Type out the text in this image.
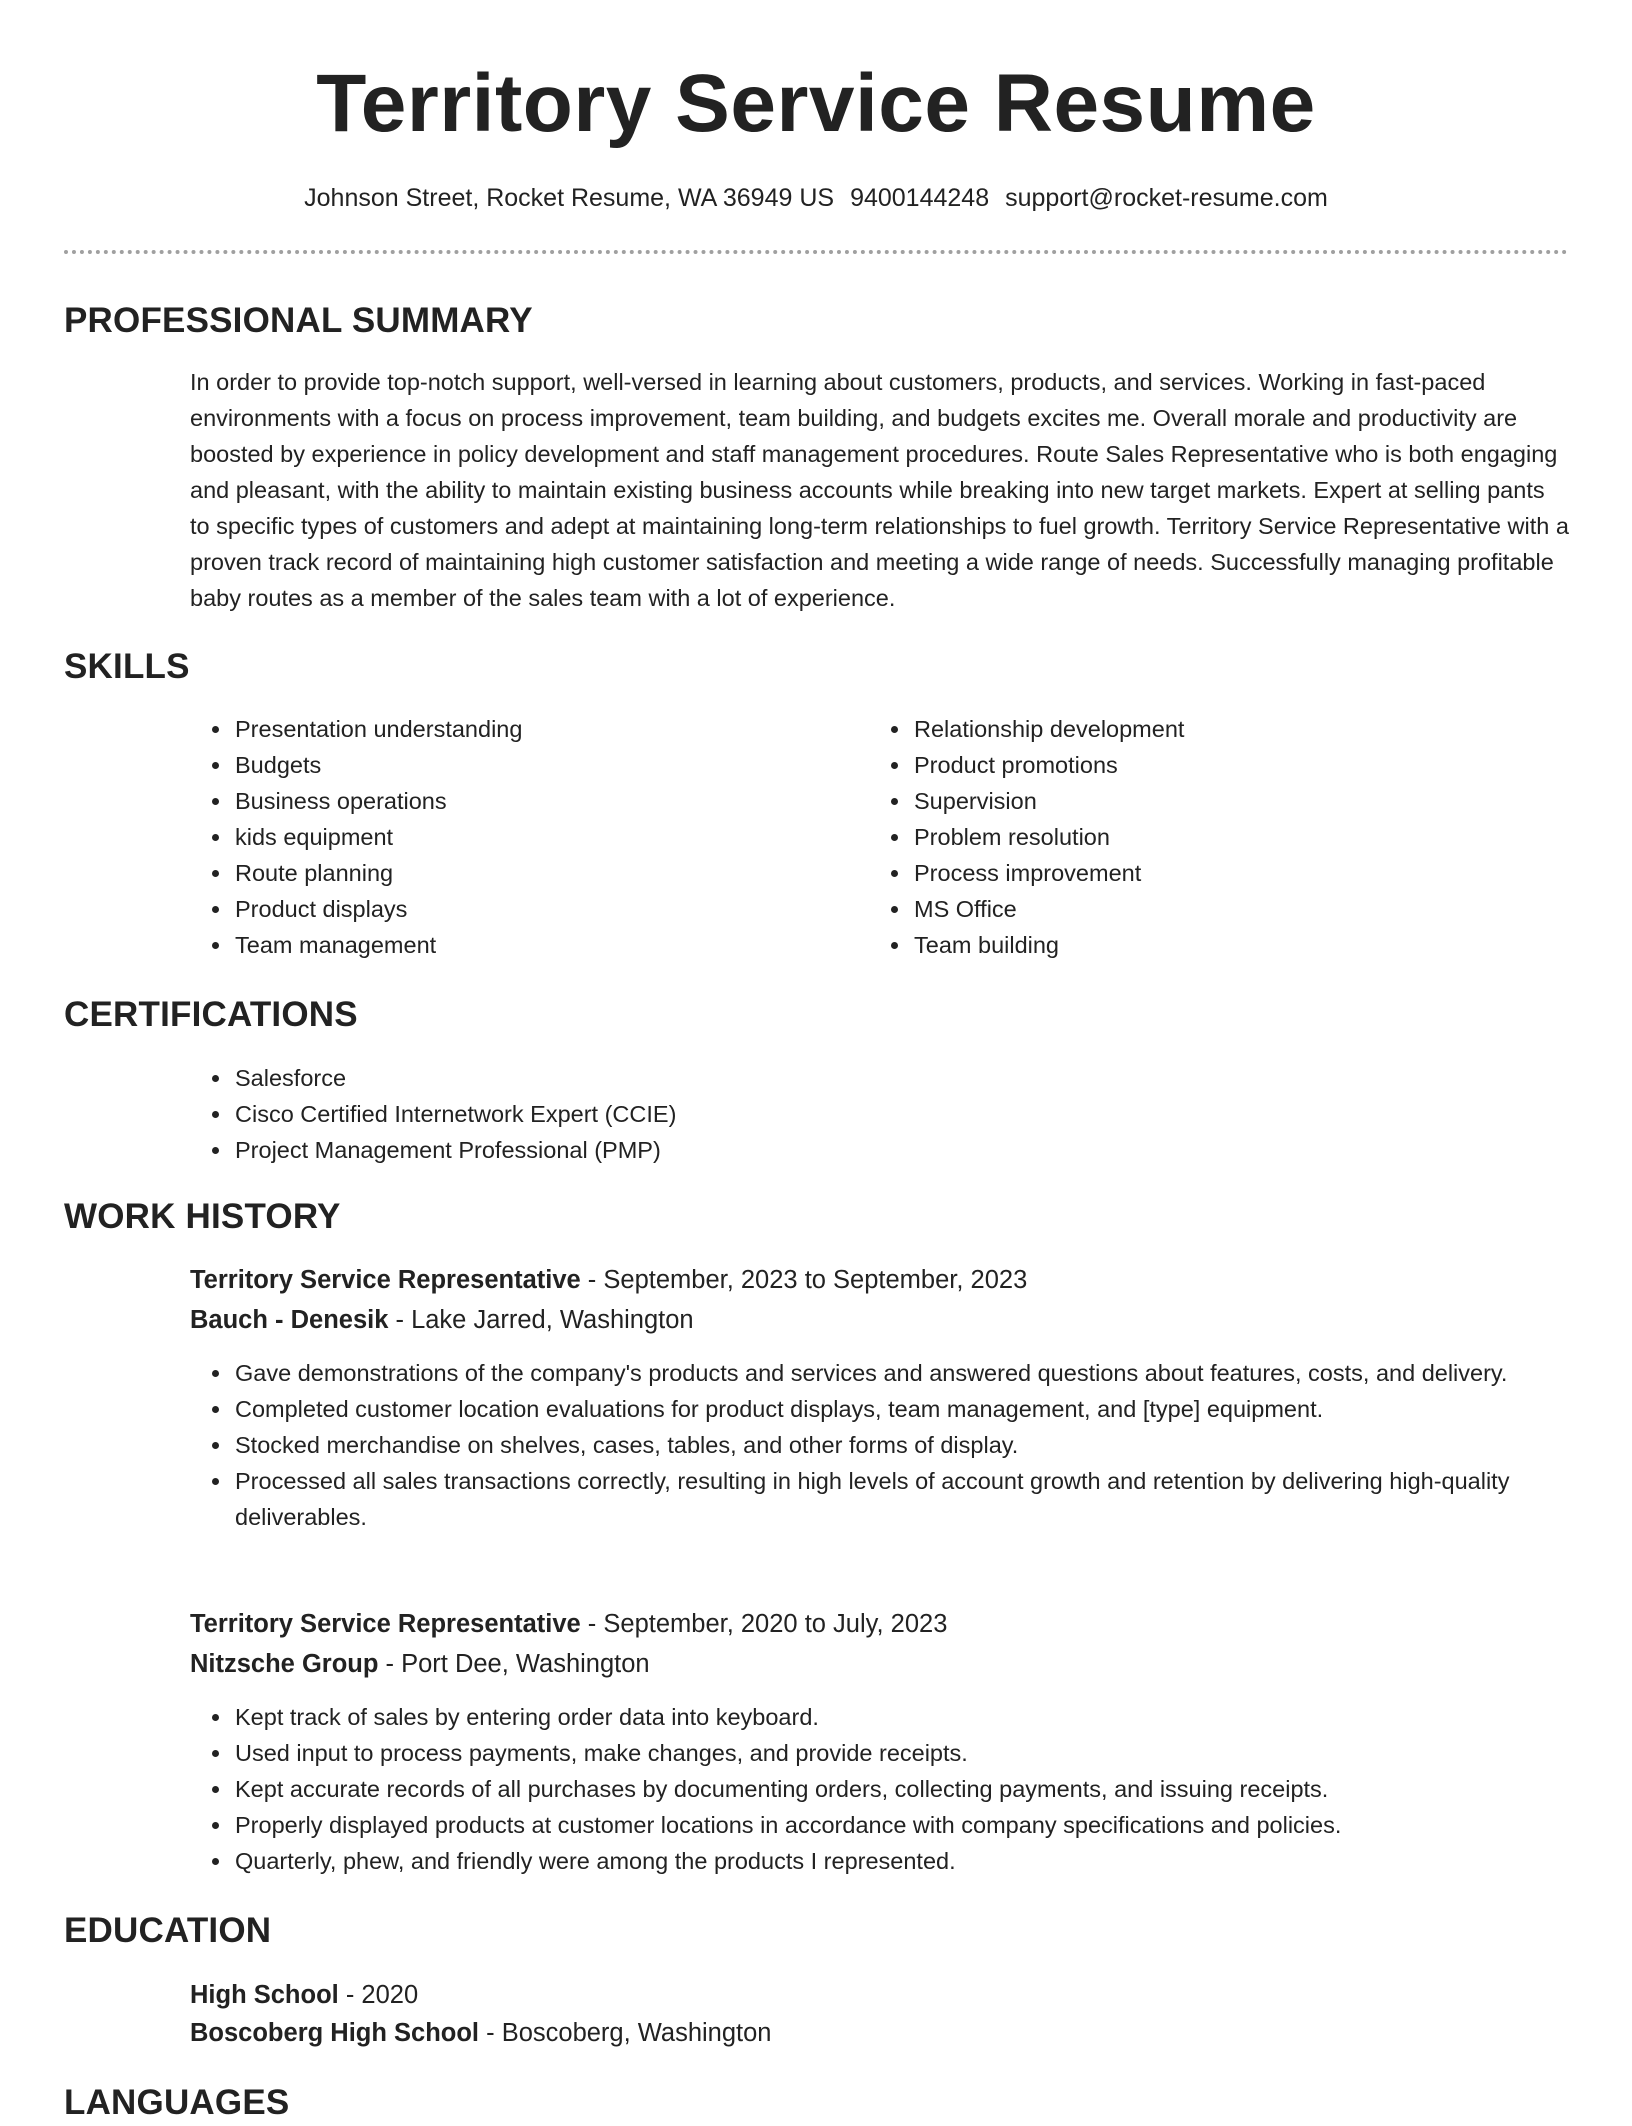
Territory Service Resume
Johnson Street, Rocket Resume, WA 36949 US 9400144248 support@rocket-resume.com
PROFESSIONAL SUMMARY

In order to provide top-notch support, well-versed in learning about customers, products, and services. Working in fast-paced environments with a focus on process improvement, team building, and budgets excites me. Overall morale and productivity are boosted by experience in policy development and staff management procedures. Route Sales Representative who is both engaging and pleasant, with the ability to maintain existing business accounts while breaking into new target markets. Expert at selling pants to specific types of customers and adept at maintaining long-term relationships to fuel growth. Territory Service Representative with a proven track record of maintaining high customer satisfaction and meeting a wide range of needs. Successfully managing profitable baby routes as a member of the sales team with a lot of experience.

SKILLS
• Presentation understanding
• Budgets
• Business operations
• kids equipment
• Route planning
• Product displays
• Team management
• Relationship development
• Product promotions
• Supervision
• Problem resolution
• Process improvement
• MS Office
• Team building
CERTIFICATIONS
• Salesforce
• Cisco Certified Internetwork Expert (CCIE)
• Project Management Professional (PMP)
WORK HISTORY
Territory Service Representative - September, 2023 to September, 2023
Bauch - Denesik - Lake Jarred, Washington
• Gave demonstrations of the company's products and services and answered questions about features, costs, and delivery.
• Completed customer location evaluations for product displays, team management, and [type] equipment.
• Stocked merchandise on shelves, cases, tables, and other forms of display.
• Processed all sales transactions correctly, resulting in high levels of account growth and retention by delivering high-quality deliverables.
Territory Service Representative - September, 2020 to July, 2023
Nitzsche Group - Port Dee, Washington
• Kept track of sales by entering order data into keyboard.
• Used input to process payments, make changes, and provide receipts.
• Kept accurate records of all purchases by documenting orders, collecting payments, and issuing receipts.
• Properly displayed products at customer locations in accordance with company specifications and policies.
• Quarterly, phew, and friendly were among the products I represented.
EDUCATION
High School - 2020
Boscoberg High School - Boscoberg, Washington
LANGUAGES
